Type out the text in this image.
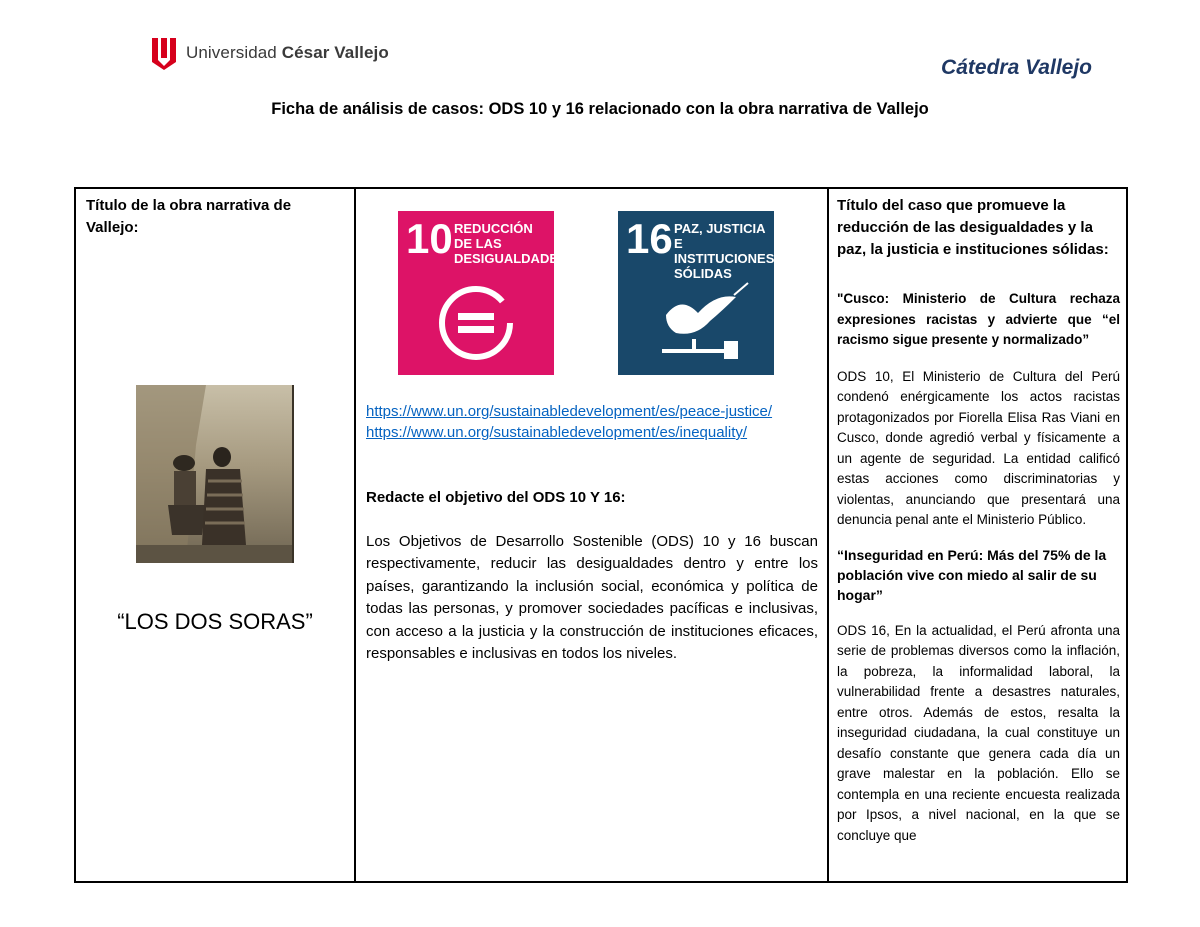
Universidad César Vallejo
Cátedra Vallejo
Ficha de análisis de casos: ODS 10 y 16 relacionado con la obra narrativa de Vallejo
Título de la obra narrativa de Vallejo:
“LOS DOS SORAS”
10 REDUCCIÓN DE LAS DESIGUALDADES 16 PAZ, JUSTICIA E INSTITUCIONES SÓLIDAS
https://www.un.org/sustainabledevelopment/es/peace-justice/
https://www.un.org/sustainabledevelopment/es/inequality/
Redacte el objetivo del ODS 10 Y 16:
Los Objetivos de Desarrollo Sostenible (ODS) 10 y 16 buscan respectivamente, reducir las desigualdades dentro y entre los países, garantizando la inclusión social, económica y política de todas las personas, y promover sociedades pacíficas e inclusivas, con acceso a la justicia y la construcción de instituciones eficaces, responsables e inclusivas en todos los niveles.
Título del caso que promueve la reducción de las desigualdades y la paz, la justicia e instituciones sólidas:

"Cusco: Ministerio de Cultura rechaza expresiones racistas y advierte que “el racismo sigue presente y normalizado”

ODS 10, El Ministerio de Cultura del Perú condenó enérgicamente los actos racistas protagonizados por Fiorella Elisa Ras Viani en Cusco, donde agredió verbal y físicamente a un agente de seguridad. La entidad calificó estas acciones como discriminatorias y violentas, anunciando que presentará una denuncia penal ante el Ministerio Público.

“Inseguridad en Perú: Más del 75% de la población vive con miedo al salir de su hogar”

ODS 16, En la actualidad, el Perú afronta una serie de problemas diversos como la inflación, la pobreza, la informalidad laboral, la vulnerabilidad frente a desastres naturales, entre otros. Además de estos, resalta la inseguridad ciudadana, la cual constituye un desafío constante que genera cada día un grave malestar en la población. Ello se contempla en una reciente encuesta realizada por Ipsos, a nivel nacional, en la que se concluye que
